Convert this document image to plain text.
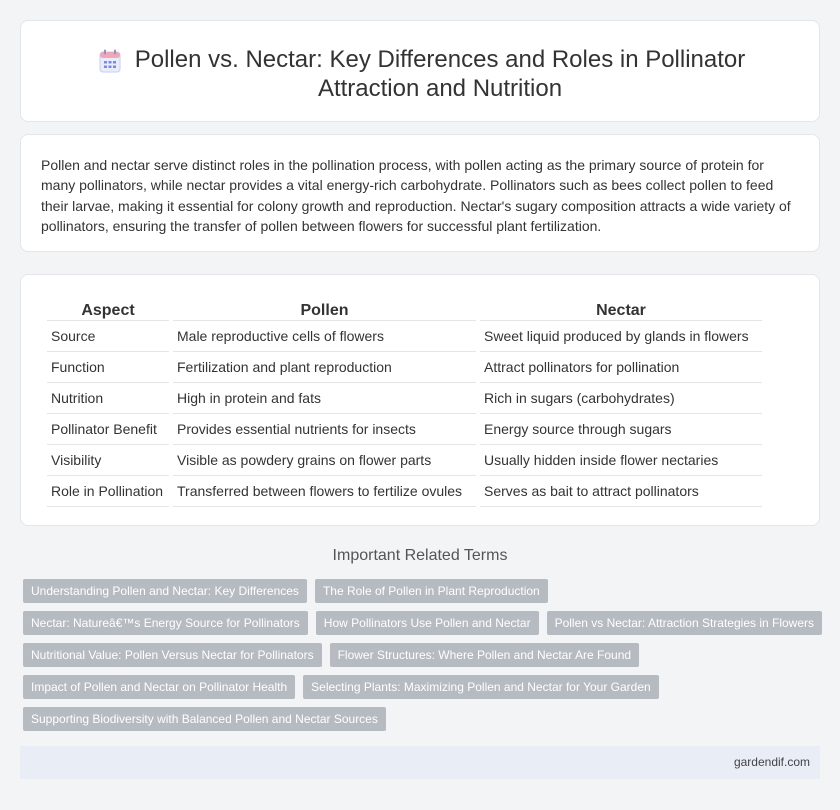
Pollen vs. Nectar: Key Differences and Roles in Pollinator Attraction and Nutrition

Pollen and nectar serve distinct roles in the pollination process, with pollen acting as the primary source of protein for many pollinators, while nectar provides a vital energy-rich carbohydrate. Pollinators such as bees collect pollen to feed their larvae, making it essential for colony growth and reproduction. Nectar's sugary composition attracts a wide variety of pollinators, ensuring the transfer of pollen between flowers for successful plant fertilization.

Aspect	Pollen	Nectar
Source	Male reproductive cells of flowers	Sweet liquid produced by glands in flowers
Function	Fertilization and plant reproduction	Attract pollinators for pollination
Nutrition	High in protein and fats	Rich in sugars (carbohydrates)
Pollinator Benefit	Provides essential nutrients for insects	Energy source through sugars
Visibility	Visible as powdery grains on flower parts	Usually hidden inside flower nectaries
Role in Pollination	Transferred between flowers to fertilize ovules	Serves as bait to attract pollinators
Important Related Terms
Understanding Pollen and Nectar: Key Differences	The Role of Pollen in Plant Reproduction
Nectar: Natureâ€™s Energy Source for Pollinators	How Pollinators Use Pollen and Nectar	Pollen vs Nectar: Attraction Strategies in Flowers
Nutritional Value: Pollen Versus Nectar for Pollinators	Flower Structures: Where Pollen and Nectar Are Found
Impact of Pollen and Nectar on Pollinator Health	Selecting Plants: Maximizing Pollen and Nectar for Your Garden
Supporting Biodiversity with Balanced Pollen and Nectar Sources
gardendif.com
